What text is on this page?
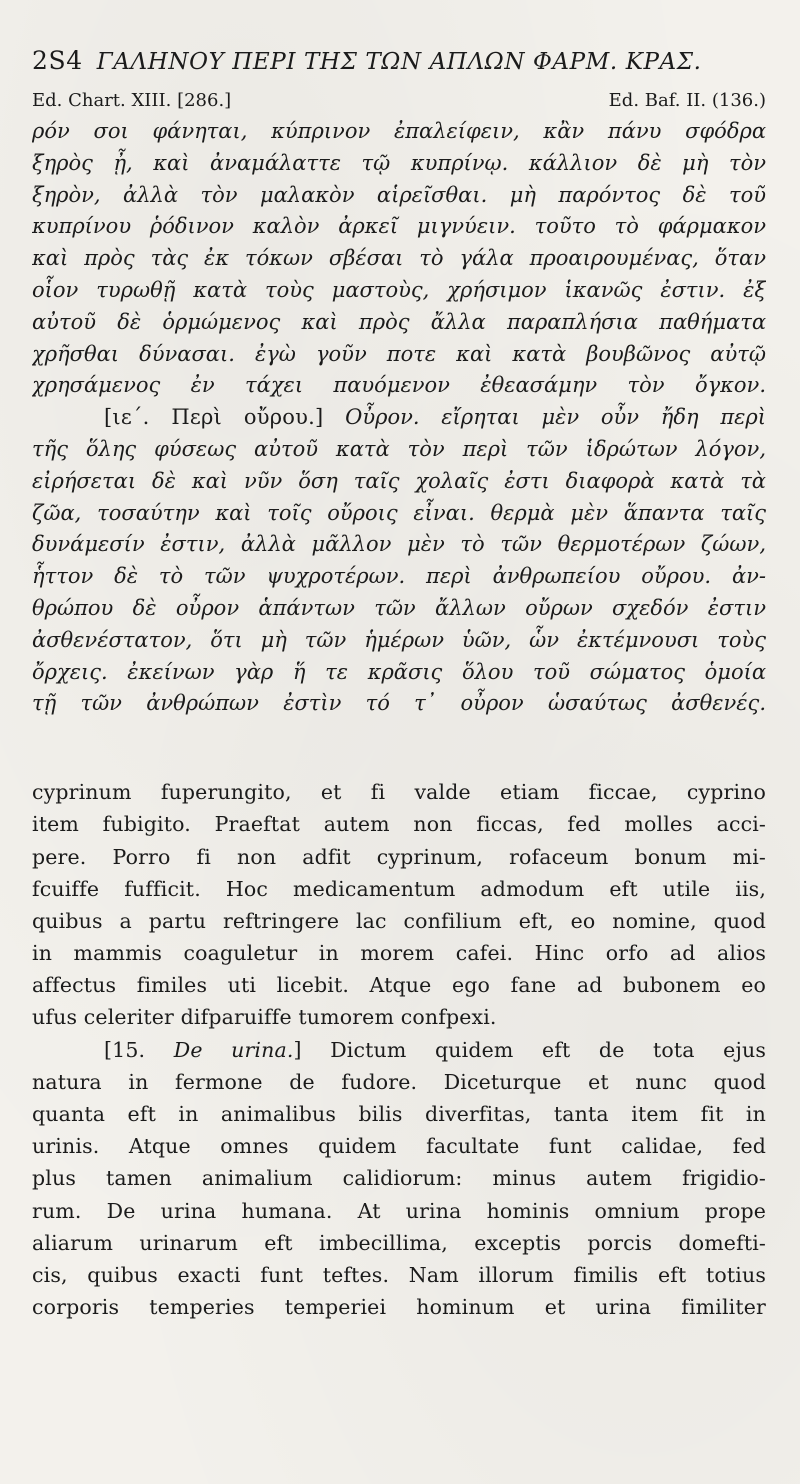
2S4 ΓΑΛΗΝΟΥ ΠΕΡΙ ΤΗΣ ΤΩΝ ΑΠΛΩΝ ΦΑΡΜ. ΚΡΑΣ.
Ed. Chart. XIII. [286.]	Ed. Baf. II. (136.)
ρόν σοι φάνηται, κύπρινον ἐπαλείφειν, κἂν πάνυ σφόδρα
ξηρὸς ᾖ, καὶ ἀναμάλαττε τῷ κυπρίνῳ. κάλλιον δὲ μὴ τὸν
ξηρὸν, ἀλλὰ τὸν μαλακὸν αἱρεῖσθαι. μὴ παρόντος δὲ τοῦ
κυπρίνου ῥόδινον καλὸν ἀρκεῖ μιγνύειν. τοῦτο τὸ φάρμακον
καὶ πρὸς τὰς ἐκ τόκων σβέσαι τὸ γάλα προαιρουμένας, ὅταν
οἷον τυρωθῇ κατὰ τοὺς μαστοὺς, χρήσιμον ἱκανῶς ἐστιν. ἐξ
αὐτοῦ δὲ ὁρμώμενος καὶ πρὸς ἄλλα παραπλήσια παθήματα
χρῆσθαι δύνασαι. ἐγὼ γοῦν ποτε καὶ κατὰ βουβῶνος αὐτῷ
χρησάμενος ἐν τάχει παυόμενον ἐθεασάμην τὸν ὄγκον.
[ιε΄. Περὶ οὔρου.] Οὖρον. εἴρηται μὲν οὖν ἤδη περὶ
τῆς ὅλης φύσεως αὐτοῦ κατὰ τὸν περὶ τῶν ἱδρώτων λόγον,
εἰρήσεται δὲ καὶ νῦν ὅση ταῖς χολαῖς ἐστι διαφορὰ κατὰ τὰ
ζῶα, τοσαύτην καὶ τοῖς οὔροις εἶναι. θερμὰ μὲν ἅπαντα ταῖς
δυνάμεσίν ἐστιν, ἀλλὰ μᾶλλον μὲν τὸ τῶν θερμοτέρων ζώων,
ἧττον δὲ τὸ τῶν ψυχροτέρων. περὶ ἀνθρωπείου οὔρου. ἀν-
θρώπου δὲ οὖρον ἁπάντων τῶν ἄλλων οὔρων σχεδόν ἐστιν
ἀσθενέστατον, ὅτι μὴ τῶν ἡμέρων ὑῶν, ὧν ἐκτέμνουσι τοὺς
ὄρχεις. ἐκείνων γὰρ ἥ τε κρᾶσις ὅλου τοῦ σώματος ὁμοία
τῇ τῶν ἀνθρώπων ἐστὶν τό τ᾽ οὖρον ὡσαύτως ἀσθενές.
cyprinum fuperungito, et fi valde etiam ficcae, cyprino
item fubigito. Praeftat autem non ficcas, fed molles acci-
pere. Porro fi non adfit cyprinum, rofaceum bonum mi-
fcuiffe fufficit. Hoc medicamentum admodum eft utile iis,
quibus a partu reftringere lac confilium eft, eo nomine, quod
in mammis coaguletur in morem cafei. Hinc orfo ad alios
affectus fimiles uti licebit. Atque ego fane ad bubonem eo
ufus celeriter difparuiffe tumorem confpexi.
[15. De urina.] Dictum quidem eft de tota ejus
natura in fermone de fudore. Diceturque et nunc quod
quanta eft in animalibus bilis diverfitas, tanta item fit in
urinis. Atque omnes quidem facultate funt calidae, fed
plus tamen animalium calidiorum: minus autem frigidio-
rum. De urina humana. At urina hominis omnium prope
aliarum urinarum eft imbecillima, exceptis porcis domefti-
cis, quibus exacti funt teftes. Nam illorum fimilis eft totius
corporis temperies temperiei hominum et urina fimiliter
